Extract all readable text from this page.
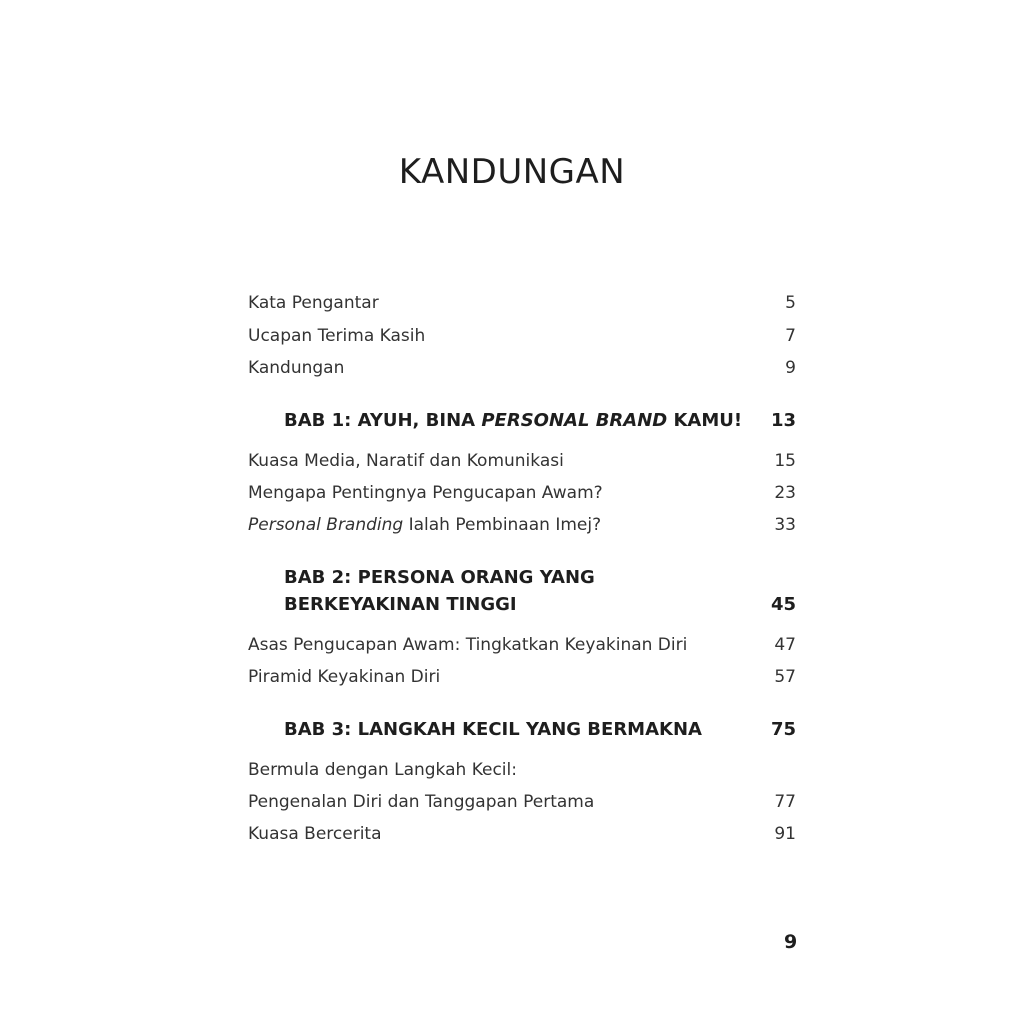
KANDUNGAN
Kata Pengantar	5
Ucapan Terima Kasih	7
Kandungan	9
BAB 1: AYUH, BINA PERSONAL BRAND KAMU! 13
Kuasa Media, Naratif dan Komunikasi	15
Mengapa Pentingnya Pengucapan Awam?	23
Personal Branding Ialah Pembinaan Imej?	33
BAB 2: PERSONA ORANG YANG
BERKEYAKINAN TINGGI	45
Asas Pengucapan Awam: Tingkatkan Keyakinan Diri	47
Piramid Keyakinan Diri	57
BAB 3: LANGKAH KECIL YANG BERMAKNA	75
Bermula dengan Langkah Kecil:
Pengenalan Diri dan Tanggapan Pertama	77
Kuasa Bercerita	91
9
